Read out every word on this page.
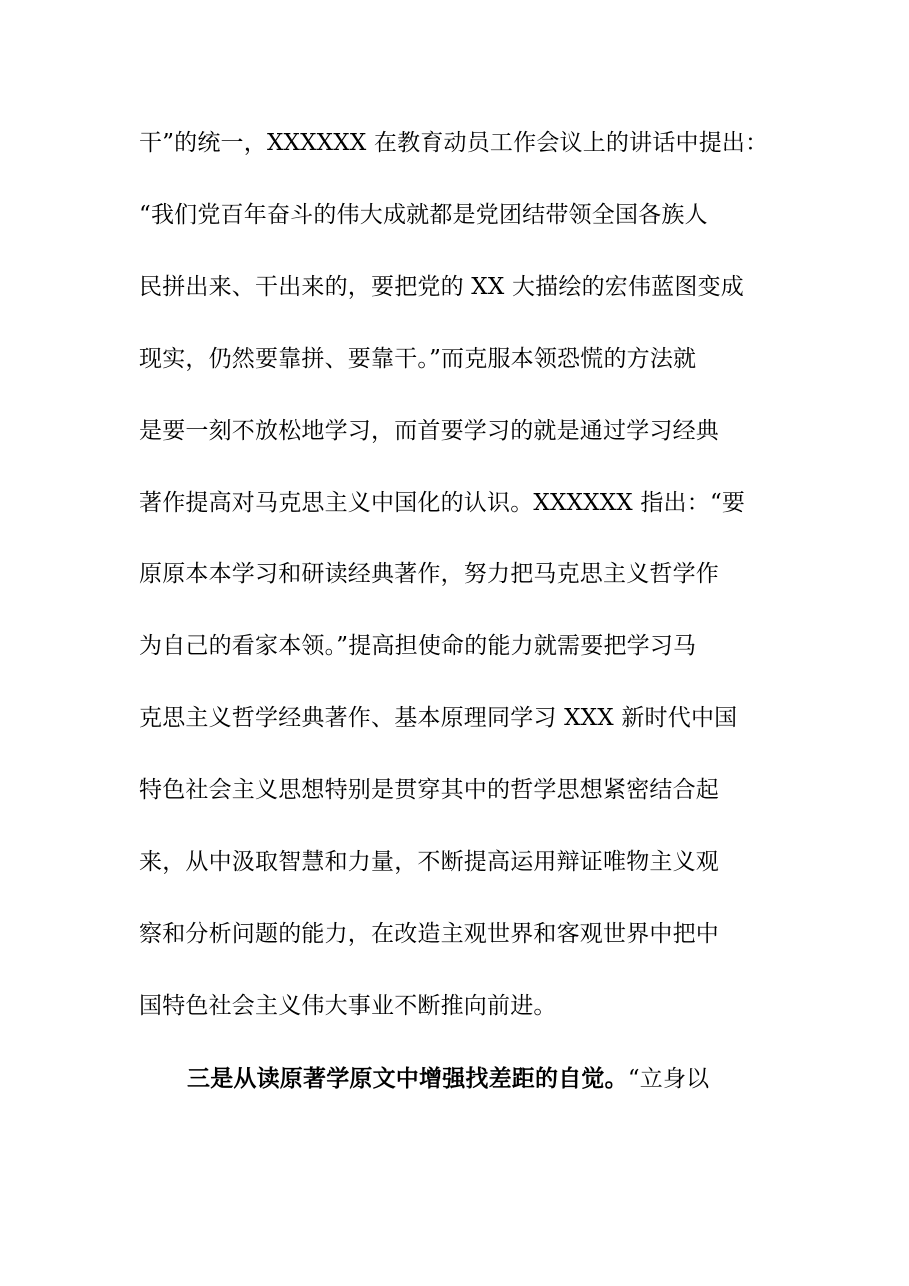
干”的统一，XXXXXX 在教育动员工作会议上的讲话中提出：
“我们党百年奋斗的伟大成就都是党团结带领全国各族人
民拼出来、干出来的，要把党的 XX 大描绘的宏伟蓝图变成
现实，仍然要靠拼、要靠干。”而克服本领恐慌的方法就
是要一刻不放松地学习，而首要学习的就是通过学习经典
著作提高对马克思主义中国化的认识。XXXXXX 指出：“要
原原本本学习和研读经典著作，努力把马克思主义哲学作
为自己的看家本领。”提高担使命的能力就需要把学习马
克思主义哲学经典著作、基本原理同学习 XXX 新时代中国
特色社会主义思想特别是贯穿其中的哲学思想紧密结合起
来，从中汲取智慧和力量，不断提高运用辩证唯物主义观
察和分析问题的能力，在改造主观世界和客观世界中把中
国特色社会主义伟大事业不断推向前进。
三是从读原著学原文中增强找差距的自觉。“立身以
